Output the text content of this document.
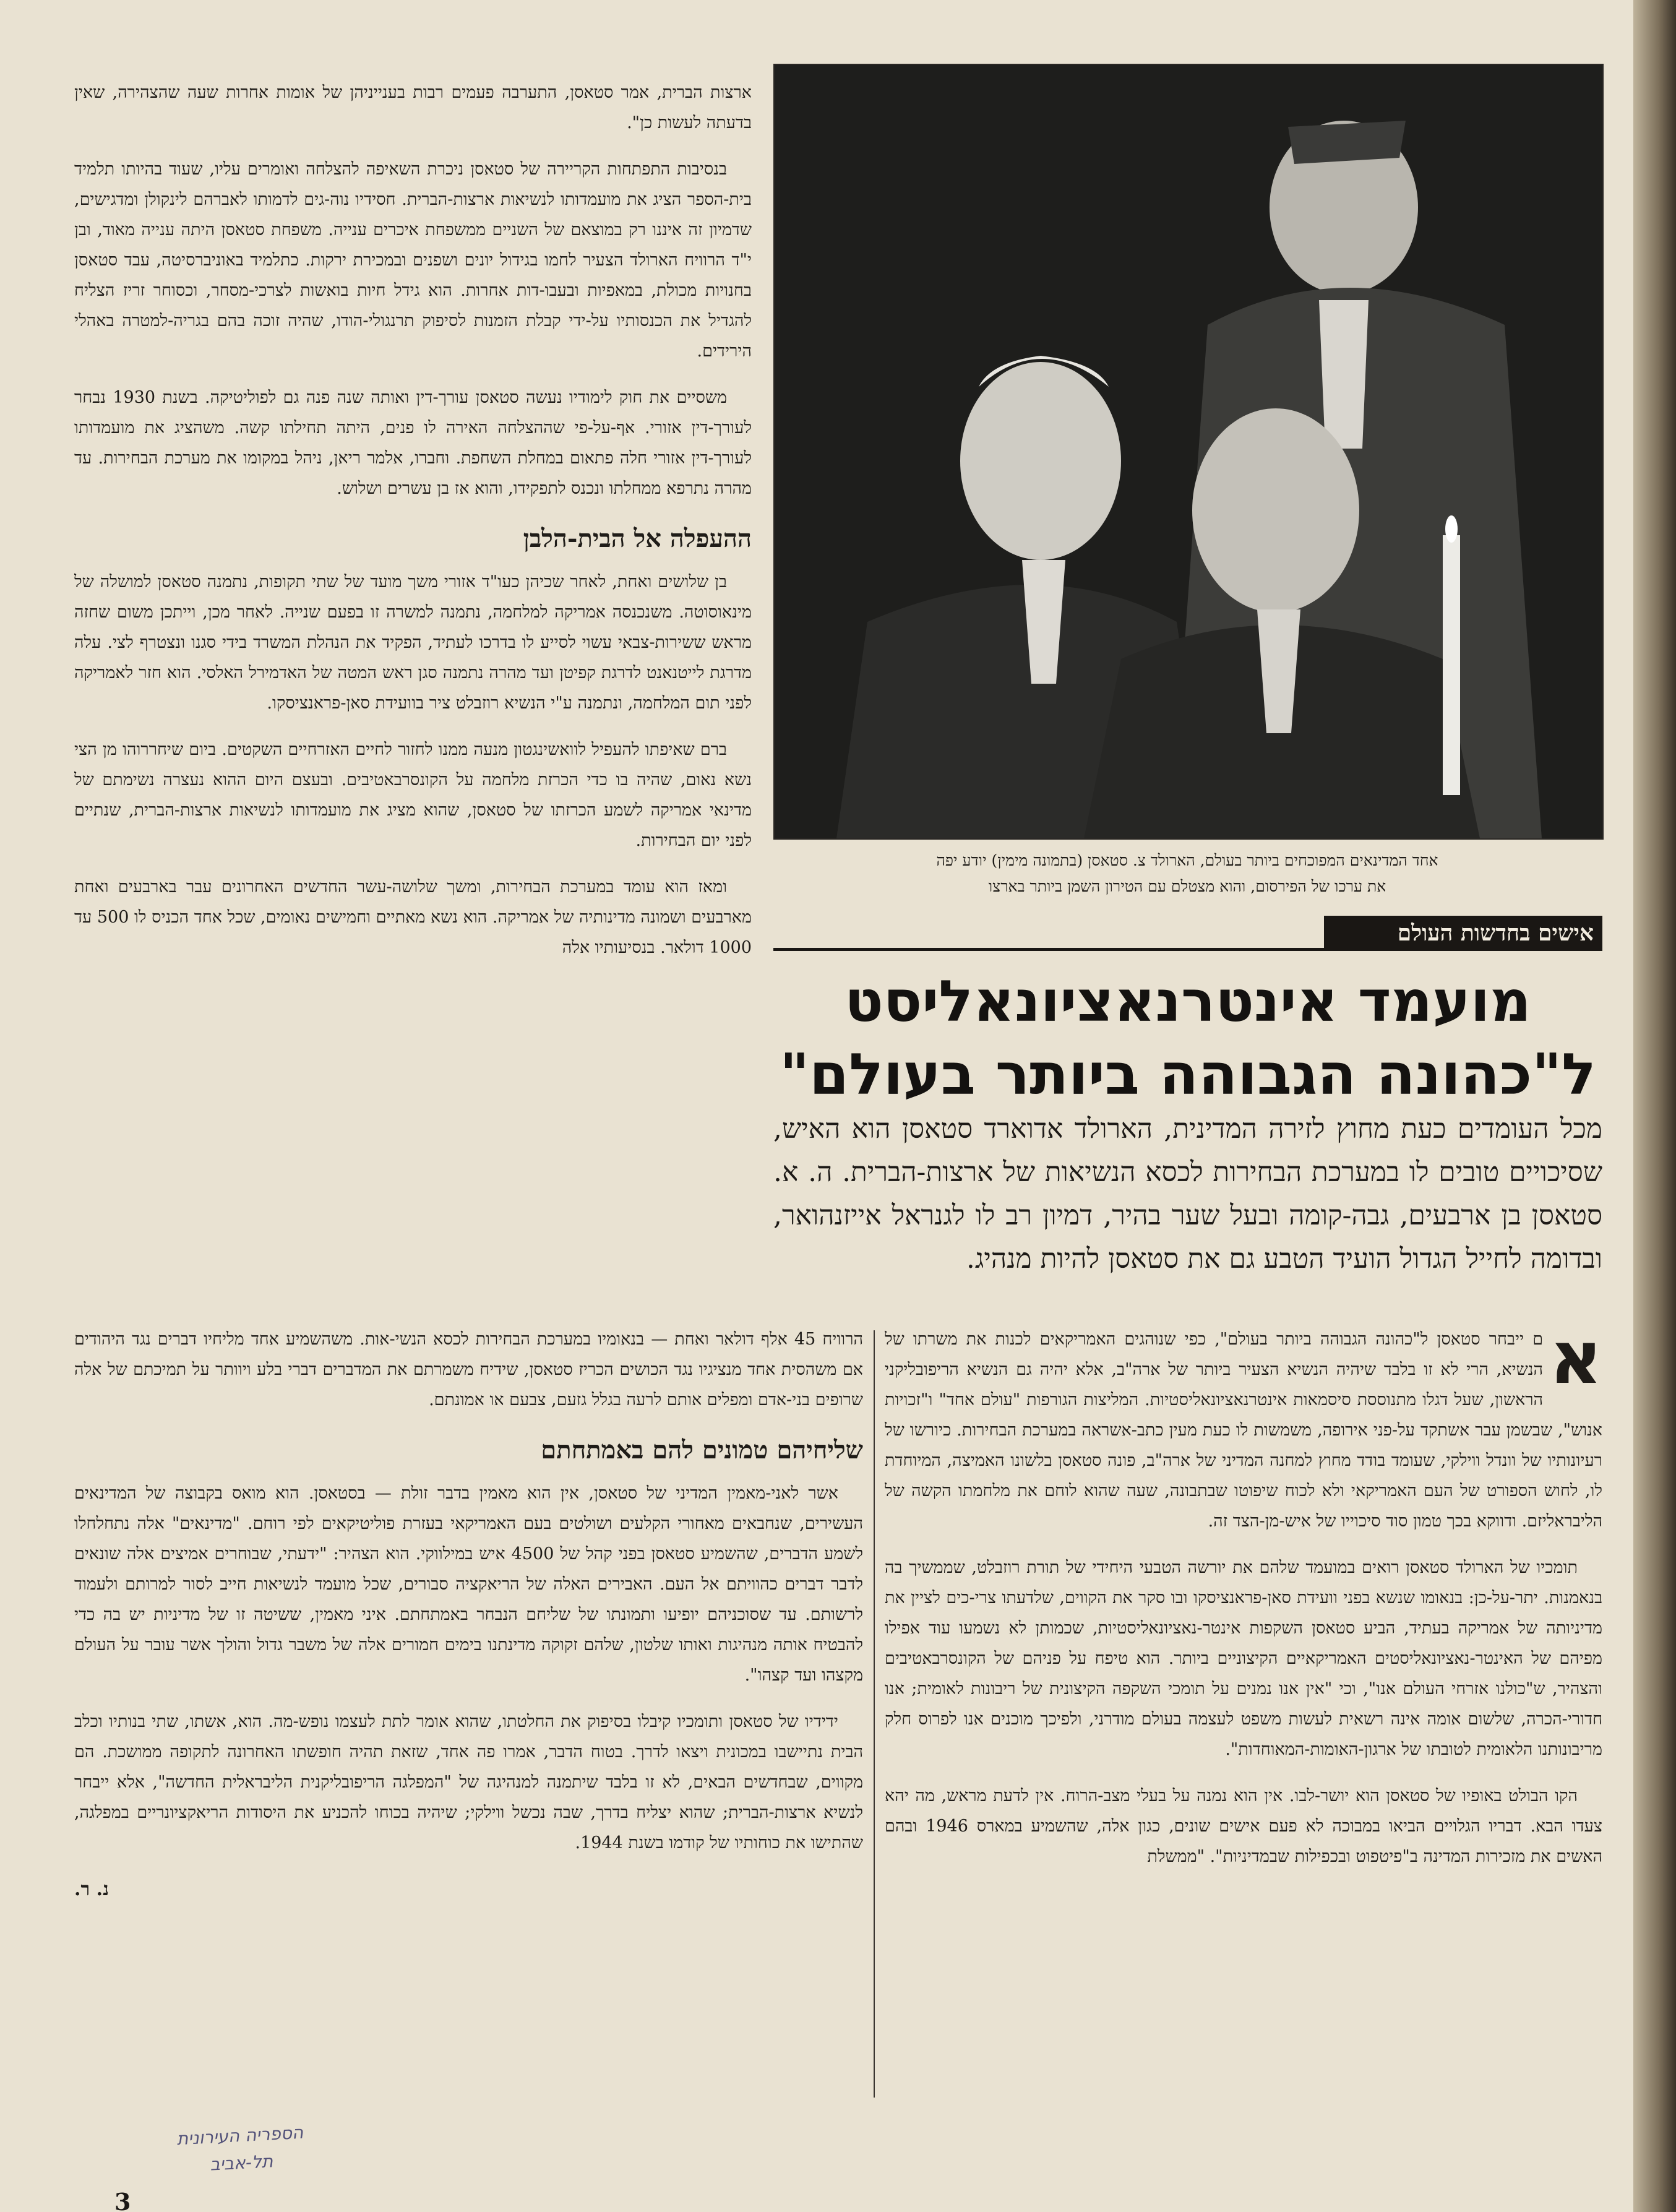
ארצות הברית, אמר סטאסן, התערבה פעמים רבות בענייניהן של אומות אחרות שעה שהצהירה, שאין בדעתה לעשות כן".

בנסיבות התפתחות הקריירה של סטאסן ניכרת השאיפה להצלחה ואומרים עליו, שעוד בהיותו תלמיד בית-הספר הציג את מועמדותו לנשיאות ארצות-הברית. חסידיו נוה-גים לדמותו לאברהם לינקולן ומדגישים, שדמיון זה איננו רק במוצאם של השניים ממשפחת איכרים ענייה. משפחת סטאסן היתה ענייה מאוד, ובן י"ד הרוויח הארולד הצעיר לחמו בגידול יונים ושפנים ובמכירת ירקות. כתלמיד באוניברסיטה, עבד סטאסן בחנויות מכולת, במאפיות ובעבו-דות אחרות. הוא גידל חיות בואשות לצרכי-מסחר, וכסוחר זריז הצליח להגדיל את הכנסותיו על-ידי קבלת הזמנות לסיפוק תרנגולי-הודו, שהיה זוכה בהם בגריה-למטרה באהלי הירידים.

משסיים את חוק לימודיו נעשה סטאסן עורך-דין ואותה שנה פנה גם לפוליטיקה. בשנת 1930 נבחר לעורך-דין אזורי. אף-על-פי שההצלחה האירה לו פנים, היתה תחילתו קשה. משהציג את מועמדותו לעורך-דין אזורי חלה פתאום במחלת השחפת. וחברו, אלמר ריאן, ניהל במקומו את מערכת הבחירות. עד מהרה נתרפא ממחלתו ונכנס לתפקידו, והוא אז בן עשרים ושלוש.

ההעפלה אל הבית-הלבן

בן שלושים ואחת, לאחר שכיהן כעו"ד אזורי משך מועד של שתי תקופות, נתמנה סטאסן למושלה של מינאוסוטה. משנכנסה אמריקה למלחמה, נתמנה למשרה זו בפעם שנייה. לאחר מכן, וייתכן משום שחזה מראש ששירות-צבאי עשוי לסייע לו בדרכו לעתיד, הפקיד את הנהלת המשרד בידי סגנו ונצטרף לצי. עלה מדרגת לייטנאנט לדרגת קפיטן ועד מהרה נתמנה סגן ראש המטה של האדמירל האלסי. הוא חזר לאמריקה לפני תום המלחמה, ונתמנה ע"י הנשיא רוזבלט ציר בוועידת סאן-פראנציסקו.

ברם שאיפתו להעפיל לוואשינגטון מנעה ממנו לחזור לחיים האזרחיים השקטים. ביום שיחררוהו מן הצי נשא נאום, שהיה בו כדי הכרזת מלחמה על הקונסרבאטיבים. ובעצם היום ההוא נעצרה נשימתם של מדינאי אמריקה לשמע הכרזתו של סטאסן, שהוא מציג את מועמדותו לנשיאות ארצות-הברית, שנתיים לפני יום הבחירות.

ומאז הוא עומד במערכת הבחירות, ומשך שלושה-עשר החדשים האחרונים עבר בארבעים ואחת מארבעים ושמונה מדינותיה של אמריקה. הוא נשא מאתיים וחמישים נאומים, שכל אחד הכניס לו 500 עד 1000 דולאר. בנסיעותיו אלה

אחד המדינאים המפוכחים ביותר בעולם, הארולד צ. סטאסן (בתמונה מימין) יודע יפה
את ערכו של הפירסום, והוא מצטלם עם הטירון השמן ביותר בארצו
אישים בחדשות העולם
מועמד אינטרנאציונאליסט ל"כהונה הגבוהה ביותר בעולם"
מכל העומדים כעת מחוץ לזירה המדינית, הארולד אדוארד סטאסן הוא האיש, שסיכויים טובים לו במערכת הבחירות לכסא הנשיאות של ארצות-הברית. ה. א. סטאסן בן ארבעים, גבה-קומה ובעל שער בהיר, דמיון רב לו לגנראל אייזנהואר, ובדומה לחייל הגדול הועיד הטבע גם את סטאסן להיות מנהיג.

הרוויח 45 אלף דולאר ואחת — בנאומיו במערכת הבחירות לכסא הנשי-אות. משהשמיע אחד מליחיו דברים נגד היהודים אם משהסית אחד מנציגיו נגד הכושים הכריז סטאסן, שידיח משמרתם את המדברים דברי בלע ויוותר על תמיכתם של אלה שרופים בני-אדם ומפלים אותם לרעה בגלל גזעם, צבעם או אמונתם.

שליחיהם טמונים להם באמתחתם

אשר לאני-מאמין המדיני של סטאסן, אין הוא מאמין בדבר זולת — בסטאסן. הוא מואס בקבוצה של המדינאים העשירים, שנחבאים מאחורי הקלעים ושולטים בעם האמריקאי בעזרת פוליטיקאים לפי רוחם. "מדינאים" אלה נתחלחלו לשמע הדברים, שהשמיע סטאסן בפני קהל של 4500 איש במילווקי. הוא הצהיר: "ידעתי, שבוחרים אמיצים אלה שונאים לדבר דברים כהוויתם אל העם. האבירים האלה של הריאקציה סבורים, שכל מועמד לנשיאות חייב לסור למרותם ולעמוד לרשותם. עד שסוכניהם יופיעו ותמונתו של שליחם הנבחר באמתחתם. איני מאמין, ששיטה זו של מדיניות יש בה כדי להבטיח אותה מנהיגות ואותו שלטון, שלהם זקוקה מדינתנו בימים חמורים אלה של משבר גדול והולך אשר עובר על העולם מקצהו ועד קצהו".

ידידיו של סטאסן ותומכיו קיבלו בסיפוק את החלטתו, שהוא אומר לתת לעצמו נופש-מה. הוא, אשתו, שתי בנותיו וכלב הבית נתיישבו במכונית ויצאו לדרך. בטוח הדבר, אמרו פה אחד, שזאת תהיה חופשתו האחרונה לתקופה ממושכת. הם מקווים, שבחדשים הבאים, לא זו בלבד שיתמנה למנהיגה של "המפלגה הריפובליקנית הליבראלית החדשה", אלא ייבחר לנשיא ארצות-הברית; שהוא יצליח בדרך, שבה נכשל ווילקי; שיהיה בכוחו להכניע את היסודות הריאקציונריים במפלגה, שהתישו את כוחותיו של קודמו בשנת 1944.

נ. ר.

א
ם ייבחר סטאסן ל"כהונה הגבוהה ביותר בעולם", כפי שנוהגים האמריקאים לכנות את משרתו של הנשיא, הרי לא זו בלבד שיהיה הנשיא הצעיר ביותר של ארה"ב, אלא יהיה גם הנשיא הריפובליקני הראשון, שעל דגלו מתנוססת סיסמאות אינטרנאציונאליסטיות. המליצות הגורפות "עולם אחד" ו"זכויות אנוש", שבשמן עבר אשתקד על-פני אירופה, משמשות לו כעת מעין כתב-אשראה במערכת הבחירות. כיורשו של רעיונותיו של וונדל ווילקי, שעומד בודד מחוץ למחנה המדיני של ארה"ב, פונה סטאסן בלשונו האמיצה, המיוחדת לו, לחוש הספורט של העם האמריקאי ולא לכוח שיפוטו שבתבונה, שעה שהוא לוחם את מלחמתו הקשה של הליבראליזם. ודווקא בכך טמון סוד סיכוייו של איש-מן-הצד זה.

תומכיו של הארולד סטאסן רואים במועמד שלהם את יורשה הטבעי היחידי של תורת רוזבלט, שממשיך בה בנאמנות. יתר-על-כן: בנאומו שנשא בפני וועידת סאן-פראנציסקו ובו סקר את הקווים, שלדעתו צרי-כים לציין את מדיניותה של אמריקה בעתיד, הביע סטאסן השקפות אינטר-נאציונאליסטיות, שכמותן לא נשמעו עוד אפילו מפיהם של האינטר-נאציונאליסטים האמריקאיים הקיצוניים ביותר. הוא טיפח על פניהם של הקונסרבאטיבים והצהיר, ש"כולנו אזרחי העולם אנו", וכי "אין אנו נמנים על תומכי השקפה הקיצונית של ריבונות לאומית; אנו חדורי-הכרה, שלשום אומה אינה רשאית לעשות משפט לעצמה בעולם מודרני, ולפיכך מוכנים אנו לפרוס חלק מריבונותנו הלאומית לטובתו של ארגון-האומות-המאוחדות".

הקו הבולט באופיו של סטאסן הוא יושר-לבו. אין הוא נמנה על בעלי מצב-הרוח. אין לדעת מראש, מה יהא צעדו הבא. דבריו הגלויים הביאו במבוכה לא פעם אישים שונים, כגון אלה, שהשמיע במארס 1946 ובהם האשים את מזכירות המדינה ב"פיטפוט ובכפילות שבמדיניות". "ממשלת

הספריה העירונית
תל-אביב
3
